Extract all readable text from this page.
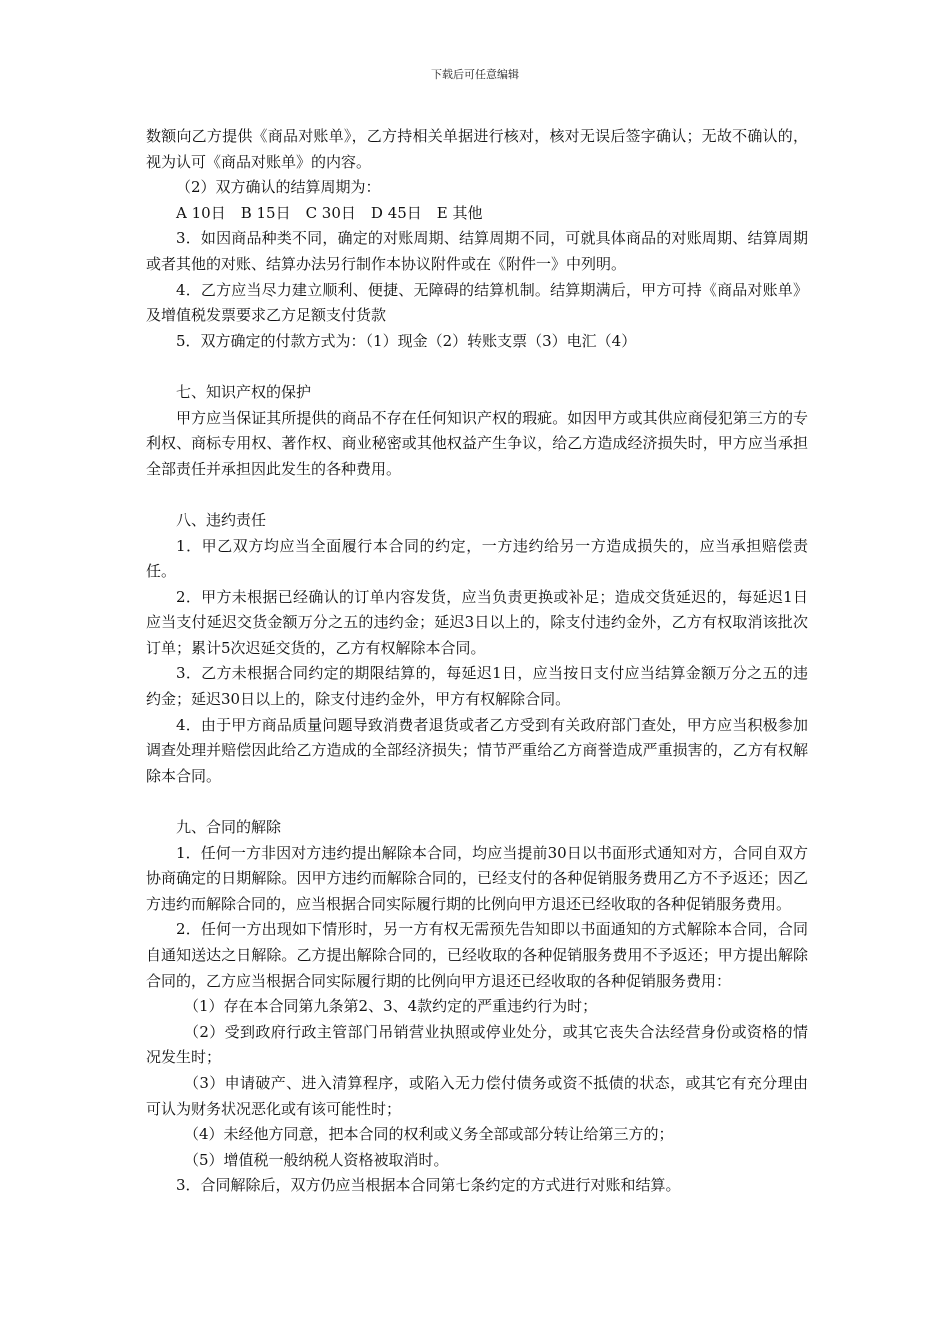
下载后可任意编辑

数额向乙方提供《商品对账单》，乙方持相关单据进行核对，核对无误后签字确认；无故不确认的，视为认可《商品对账单》的内容。

（2）双方确认的结算周期为：

A 10日　B 15日　C 30日　D 45日　E 其他

3．如因商品种类不同，确定的对账周期、结算周期不同，可就具体商品的对账周期、结算周期或者其他的对账、结算办法另行制作本协议附件或在《附件一》中列明。

4．乙方应当尽力建立顺利、便捷、无障碍的结算机制。结算期满后，甲方可持《商品对账单》及增值税发票要求乙方足额支付货款

5．双方确定的付款方式为：（1）现金（2）转账支票（3）电汇（4）

七、知识产权的保护

甲方应当保证其所提供的商品不存在任何知识产权的瑕疵。如因甲方或其供应商侵犯第三方的专利权、商标专用权、著作权、商业秘密或其他权益产生争议，给乙方造成经济损失时，甲方应当承担全部责任并承担因此发生的各种费用。

八、违约责任

1．甲乙双方均应当全面履行本合同的约定，一方违约给另一方造成损失的，应当承担赔偿责任。

2．甲方未根据已经确认的订单内容发货，应当负责更换或补足；造成交货延迟的，每延迟1日应当支付延迟交货金额万分之五的违约金；延迟3日以上的，除支付违约金外，乙方有权取消该批次订单；累计5次迟延交货的，乙方有权解除本合同。

3．乙方未根据合同约定的期限结算的，每延迟1日，应当按日支付应当结算金额万分之五的违约金；延迟30日以上的，除支付违约金外，甲方有权解除合同。

4．由于甲方商品质量问题导致消费者退货或者乙方受到有关政府部门查处，甲方应当积极参加调查处理并赔偿因此给乙方造成的全部经济损失；情节严重给乙方商誉造成严重损害的，乙方有权解除本合同。

九、合同的解除

1．任何一方非因对方违约提出解除本合同，均应当提前30日以书面形式通知对方，合同自双方协商确定的日期解除。因甲方违约而解除合同的，已经支付的各种促销服务费用乙方不予返还；因乙方违约而解除合同的，应当根据合同实际履行期的比例向甲方退还已经收取的各种促销服务费用。

2．任何一方出现如下情形时，另一方有权无需预先告知即以书面通知的方式解除本合同，合同自通知送达之日解除。乙方提出解除合同的，已经收取的各种促销服务费用不予返还；甲方提出解除合同的，乙方应当根据合同实际履行期的比例向甲方退还已经收取的各种促销服务费用：

（1）存在本合同第九条第2、3、4款约定的严重违约行为时；

（2）受到政府行政主管部门吊销营业执照或停业处分，或其它丧失合法经营身份或资格的情况发生时；

（3）申请破产、进入清算程序，或陷入无力偿付债务或资不抵债的状态，或其它有充分理由可认为财务状况恶化或有该可能性时；

（4）未经他方同意，把本合同的权利或义务全部或部分转让给第三方的；

（5）增值税一般纳税人资格被取消时。

3．合同解除后，双方仍应当根据本合同第七条约定的方式进行对账和结算。
